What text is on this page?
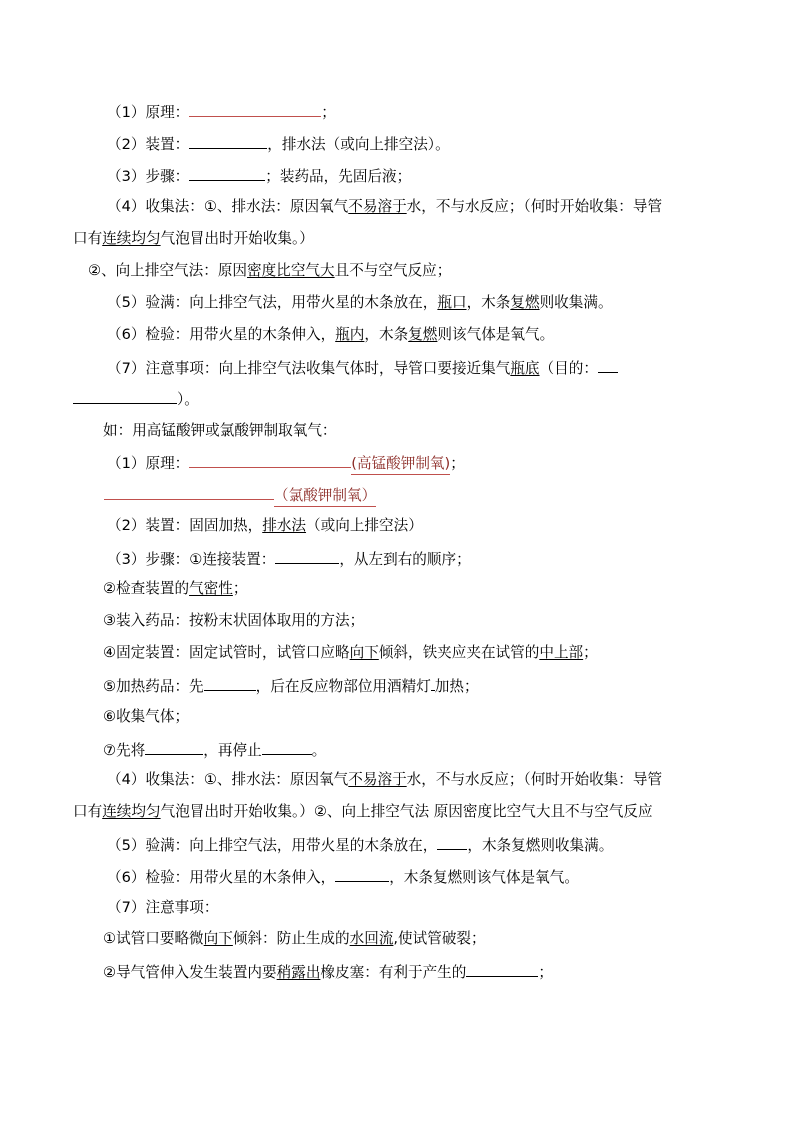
（1）原理：	；
（2）装置：	，排水法（或向上排空法）。
（3）步骤：	；装药品，先固后液；
（4）收集法：①、排水法：原因氧气不易溶于水，不与水反应；（何时开始收集：导管
口有连续均匀气泡冒出时开始收集。）
②、向上排空气法：原因密度比空气大且不与空气反应；
（5）验满：向上排空气法，用带火星的木条放在，瓶口，木条复燃则收集满。
（6）检验：用带火星的木条伸入，瓶内，木条复燃则该气体是氧气。
（7）注意事项：向上排空气法收集气体时，导管口要接近集气瓶底（目的：
）。
如：用高锰酸钾或氯酸钾制取氧气：
（1）原理：	(高锰酸钾制氧)；
（氯酸钾制氧）
（2）装置：固固加热，排水法（或向上排空法）
（3）步骤：①连接装置：	，从左到右的顺序；
②检查装置的气密性；
③装入药品：按粉末状固体取用的方法；
④固定装置：固定试管时，试管口应略向下倾斜，铁夹应夹在试管的中上部；
⑤加热药品：先	，后在反应物部位用酒精灯 加热；
⑥收集气体；
⑦先将	，再停止	。
（4）收集法：①、排水法：原因氧气不易溶于水，不与水反应；（何时开始收集：导管
口有连续均匀气泡冒出时开始收集。）②、向上排空气法 原因密度比空气大且不与空气反应
（5）验满：向上排空气法，用带火星的木条放在， ，木条复燃则收集满。
（6）检验：用带火星的木条伸入，	，木条复燃则该气体是氧气。
（7）注意事项：
①试管口要略微向下倾斜：防止生成的水回流,使试管破裂；
②导气管伸入发生装置内要稍露出橡皮塞：有利于产生的	；
